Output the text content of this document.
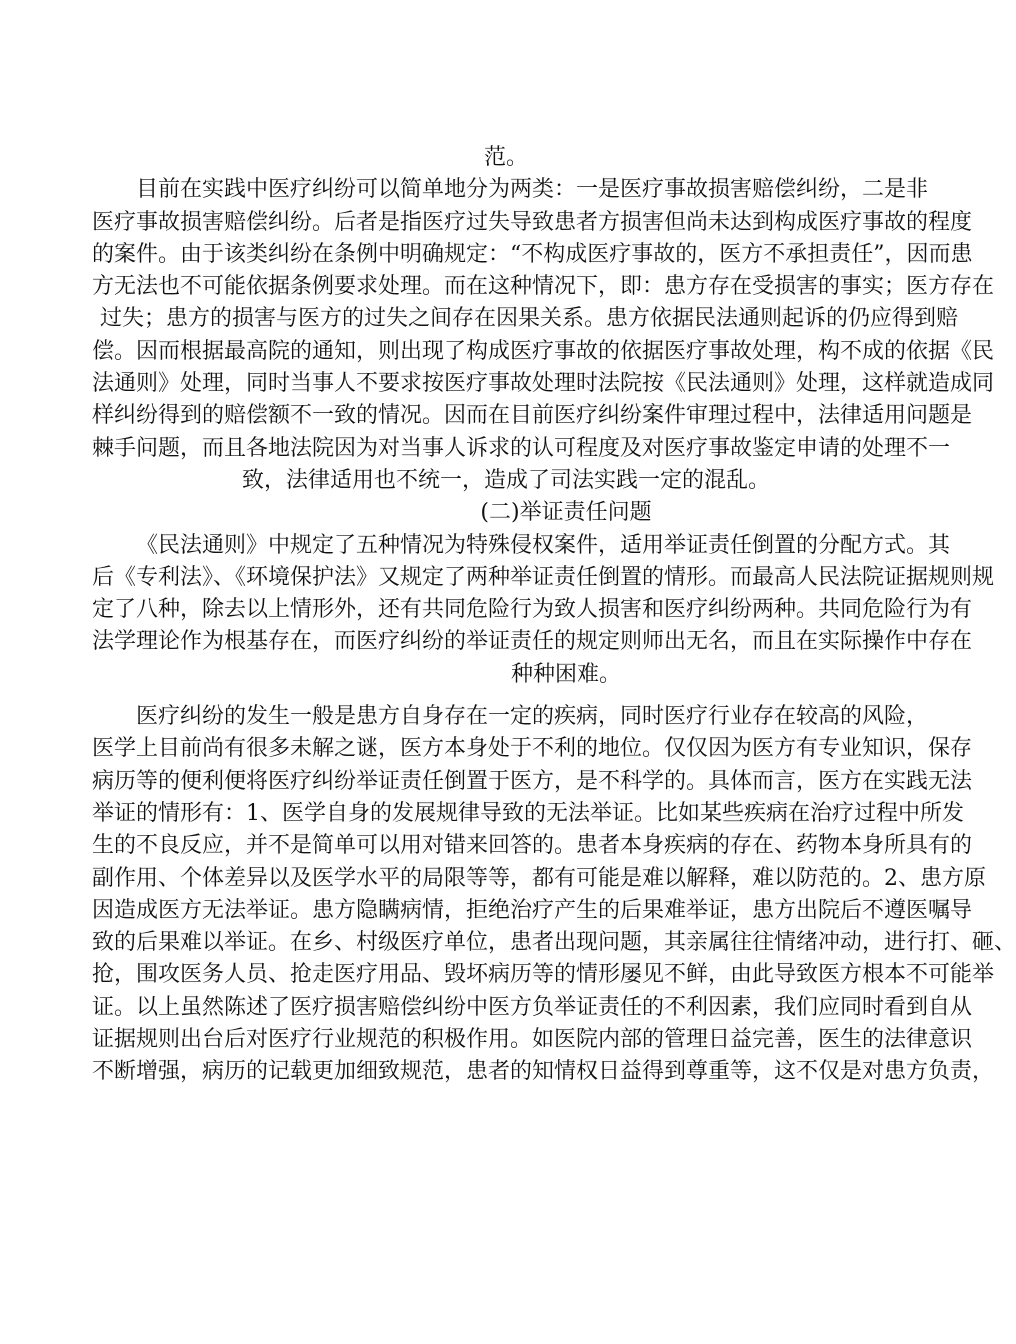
范。
目前在实践中医疗纠纷可以简单地分为两类：一是医疗事故损害赔偿纠纷，二是非
医疗事故损害赔偿纠纷。后者是指医疗过失导致患者方损害但尚未达到构成医疗事故的程度
的案件。由于该类纠纷在条例中明确规定：“不构成医疗事故的，医方不承担责任”，因而患
方无法也不可能依据条例要求处理。而在这种情况下，即：患方存在受损害的事实；医方存在
过失；患方的损害与医方的过失之间存在因果关系。患方依据民法通则起诉的仍应得到赔
偿。因而根据最高院的通知，则出现了构成医疗事故的依据医疗事故处理，构不成的依据《民
法通则》处理，同时当事人不要求按医疗事故处理时法院按《民法通则》处理，这样就造成同
样纠纷得到的赔偿额不一致的情况。因而在目前医疗纠纷案件审理过程中，法律适用问题是
棘手问题，而且各地法院因为对当事人诉求的认可程度及对医疗事故鉴定申请的处理不一
致，法律适用也不统一，造成了司法实践一定的混乱。
(二)举证责任问题
《民法通则》中规定了五种情况为特殊侵权案件，适用举证责任倒置的分配方式。其
后《专利法》、《环境保护法》又规定了两种举证责任倒置的情形。而最高人民法院证据规则规
定了八种，除去以上情形外，还有共同危险行为致人损害和医疗纠纷两种。共同危险行为有
法学理论作为根基存在，而医疗纠纷的举证责任的规定则师出无名，而且在实际操作中存在
种种困难。
医疗纠纷的发生一般是患方自身存在一定的疾病，同时医疗行业存在较高的风险，
医学上目前尚有很多未解之谜，医方本身处于不利的地位。仅仅因为医方有专业知识，保存
病历等的便利便将医疗纠纷举证责任倒置于医方，是不科学的。具体而言，医方在实践无法
举证的情形有：1、医学自身的发展规律导致的无法举证。比如某些疾病在治疗过程中所发
生的不良反应，并不是简单可以用对错来回答的。患者本身疾病的存在、药物本身所具有的
副作用、个体差异以及医学水平的局限等等，都有可能是难以解释，难以防范的。2、患方原
因造成医方无法举证。患方隐瞒病情，拒绝治疗产生的后果难举证，患方出院后不遵医嘱导
致的后果难以举证。在乡、村级医疗单位，患者出现问题，其亲属往往情绪冲动，进行打、砸、
抢，围攻医务人员、抢走医疗用品、毁坏病历等的情形屡见不鲜，由此导致医方根本不可能举
证。以上虽然陈述了医疗损害赔偿纠纷中医方负举证责任的不利因素，我们应同时看到自从
证据规则出台后对医疗行业规范的积极作用。如医院内部的管理日益完善，医生的法律意识
不断增强，病历的记载更加细致规范，患者的知情权日益得到尊重等，这不仅是对患方负责，
